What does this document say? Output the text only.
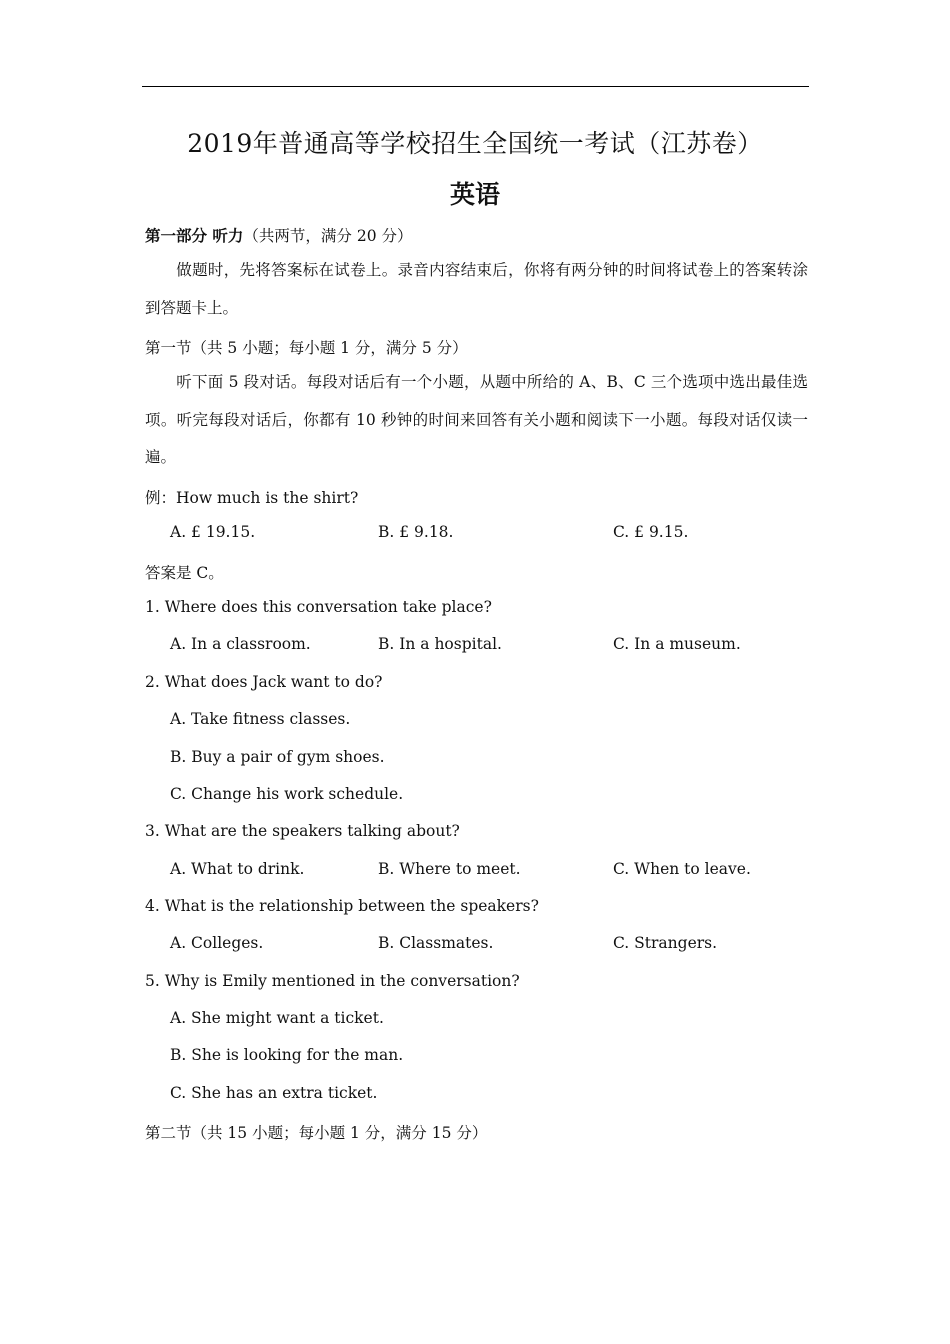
2019年普通高等学校招生全国统一考试（江苏卷）
英语
第一部分 听力（共两节，满分 20 分）
做题时，先将答案标在试卷上。录音内容结束后，你将有两分钟的时间将试卷上的答案转涂到答题卡上。
第一节（共 5 小题；每小题 1 分，满分 5 分）
听下面 5 段对话。每段对话后有一个小题，从题中所给的 A、B、C 三个选项中选出最佳选项。听完每段对话后，你都有 10 秒钟的时间来回答有关小题和阅读下一小题。每段对话仅读一遍。
例：How much is the shirt?
A. £ 19.15.	B. £ 9.18.	C. £ 9.15.
答案是 C。
1. Where does this conversation take place?
A. In a classroom.	B. In a hospital.	C. In a museum.
2. What does Jack want to do?
A. Take fitness classes.
B. Buy a pair of gym shoes.
C. Change his work schedule.
3. What are the speakers talking about?
A. What to drink.	B. Where to meet.	C. When to leave.
4. What is the relationship between the speakers?
A. Colleges.	B. Classmates.	C. Strangers.
5. Why is Emily mentioned in the conversation?
A. She might want a ticket.
B. She is looking for the man.
C. She has an extra ticket.
第二节（共 15 小题；每小题 1 分，满分 15 分）
